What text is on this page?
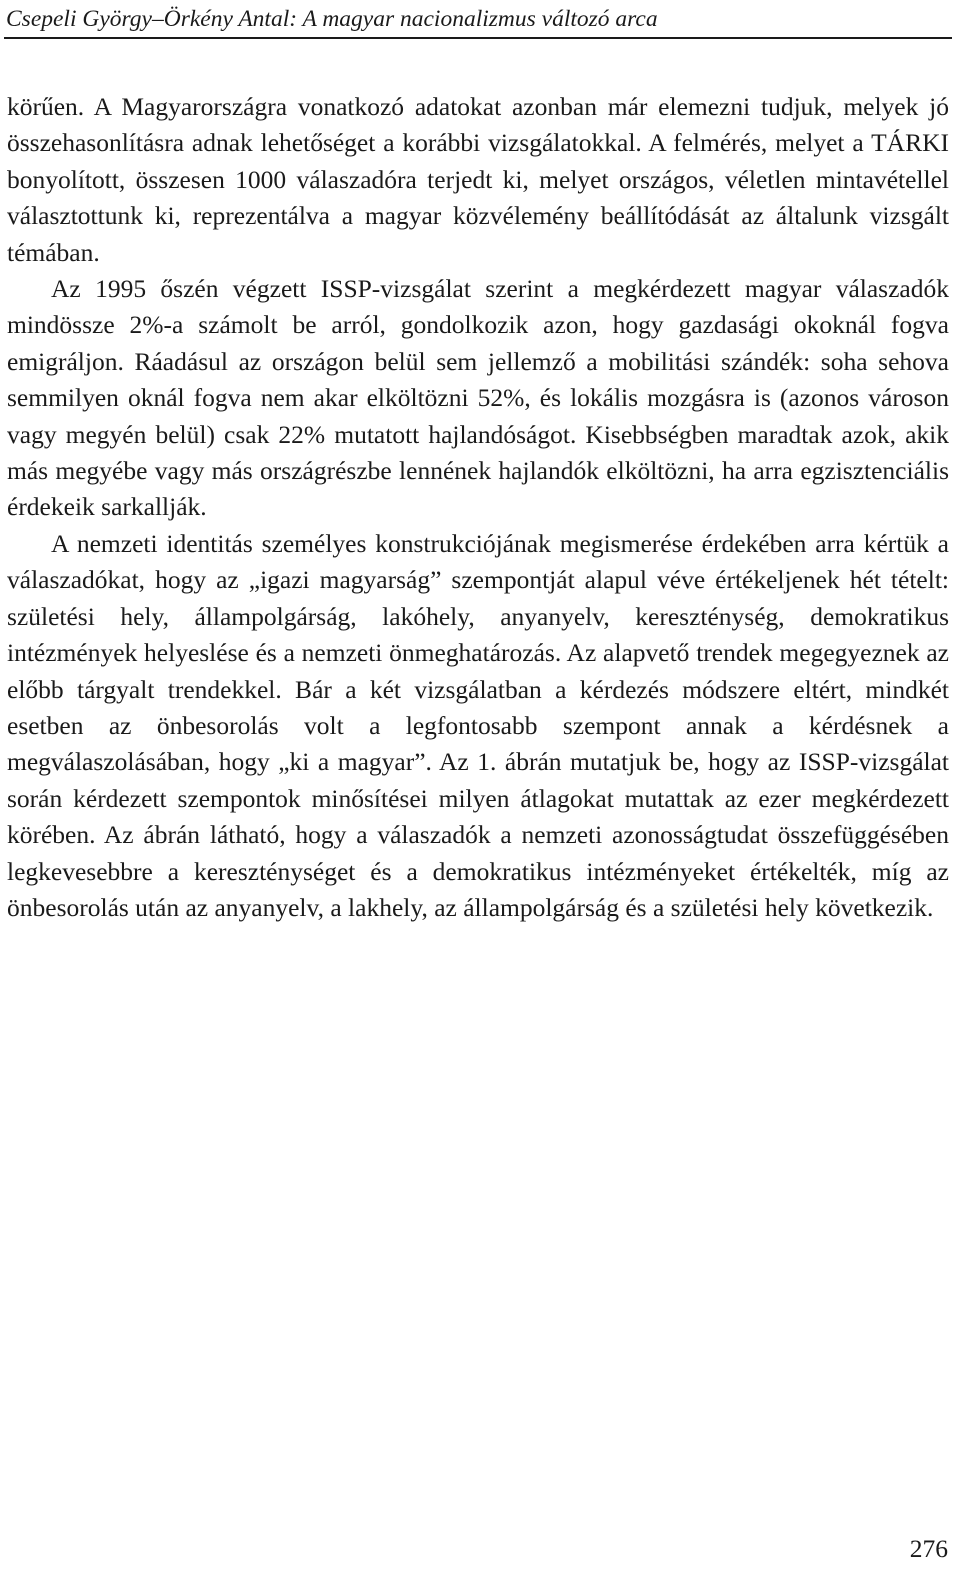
Csepeli György–Örkény Antal: A magyar nacionalizmus változó arca

körűen. A Magyarországra vonatkozó adatokat azonban már elemezni tudjuk, melyek jó összehasonlításra adnak lehetőséget a korábbi vizsgálatokkal. A felmérés, melyet a TÁRKI bonyolított, összesen 1000 válaszadóra terjedt ki, melyet országos, véletlen mintavétellel választottunk ki, reprezentálva a magyar közvélemény beállítódását az általunk vizsgált témában.

Az 1995 őszén végzett ISSP-vizsgálat szerint a megkérdezett magyar válaszadók mindössze 2%-a számolt be arról, gondolkozik azon, hogy gazdasági okoknál fogva emigráljon. Ráadásul az országon belül sem jellemző a mobilitási szándék: soha sehova semmilyen oknál fogva nem akar elköltözni 52%, és lokális mozgásra is (azonos városon vagy megyén belül) csak 22% mutatott hajlandóságot. Kisebbségben maradtak azok, akik más megyébe vagy más országrészbe lennének hajlandók elköltözni, ha arra egzisztenciális érdekeik sarkallják.

A nemzeti identitás személyes konstrukciójának megismerése érdekében arra kértük a válaszadókat, hogy az „igazi magyarság” szempontját alapul véve értékeljenek hét tételt: születési hely, állampolgárság, lakóhely, anyanyelv, kereszténység, demokratikus intézmények helyeslése és a nemzeti önmeghatározás. Az alapvető trendek megegyeznek az előbb tárgyalt trendekkel. Bár a két vizsgálatban a kérdezés módszere eltért, mindkét esetben az önbesorolás volt a legfontosabb szempont annak a kérdésnek a megválaszolásában, hogy „ki a magyar”. Az 1. ábrán mutatjuk be, hogy az ISSP-vizsgálat során kérdezett szempontok minősítései milyen átlagokat mutattak az ezer megkérdezett körében. Az ábrán látható, hogy a válaszadók a nemzeti azonosságtudat összefüggésében legkevesebbre a kereszténységet és a demokratikus intézményeket értékelték, míg az önbesorolás után az anyanyelv, a lakhely, az állampolgárság és a születési hely következik.

276
